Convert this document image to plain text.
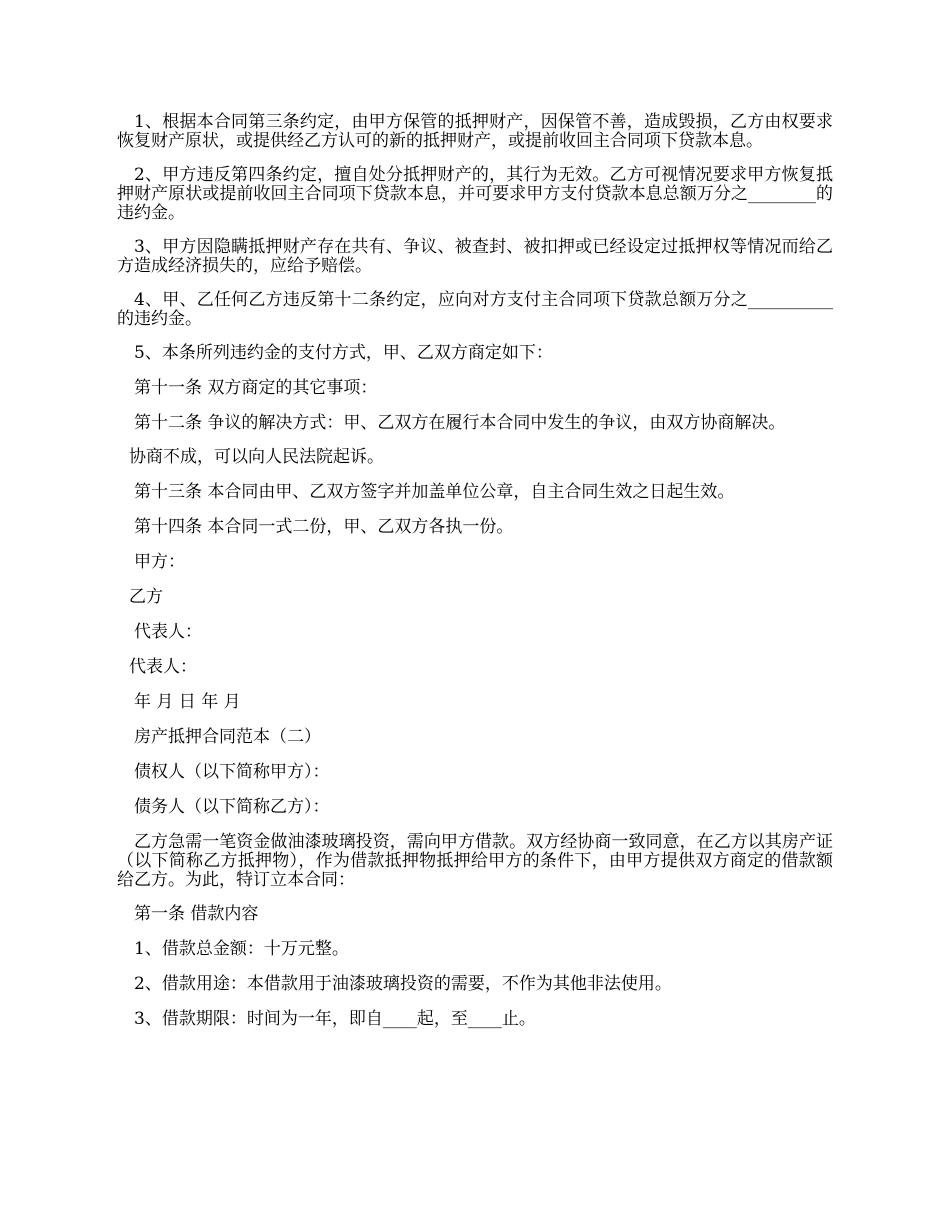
1、根据本合同第三条约定，由甲方保管的抵押财产，因保管不善，造成毁损，乙方由权要求恢复财产原状，或提供经乙方认可的新的抵押财产，或提前收回主合同项下贷款本息。

2、甲方违反第四条约定，擅自处分抵押财产的，其行为无效。乙方可视情况要求甲方恢复抵押财产原状或提前收回主合同项下贷款本息，并可要求甲方支付贷款本息总额万分之________的违约金。

3、甲方因隐瞒抵押财产存在共有、争议、被查封、被扣押或已经设定过抵押权等情况而给乙方造成经济损失的，应给予赔偿。

4、甲、乙任何乙方违反第十二条约定，应向对方支付主合同项下贷款总额万分之__________的违约金。

5、本条所列违约金的支付方式，甲、乙双方商定如下：

第十一条 双方商定的其它事项：

第十二条 争议的解决方式：甲、乙双方在履行本合同中发生的争议，由双方协商解决。

协商不成，可以向人民法院起诉。

第十三条 本合同由甲、乙双方签字并加盖单位公章，自主合同生效之日起生效。

第十四条 本合同一式二份，甲、乙双方各执一份。

甲方：

乙方

代表人：

代表人：

年 月 日 年 月

房产抵押合同范本（二）

债权人（以下简称甲方）：

债务人（以下简称乙方）：

乙方急需一笔资金做油漆玻璃投资，需向甲方借款。双方经协商一致同意，在乙方以其房产证（以下简称乙方抵押物），作为借款抵押物抵押给甲方的条件下，由甲方提供双方商定的借款额给乙方。为此，特订立本合同：

第一条 借款内容

1、借款总金额：十万元整。

2、借款用途：本借款用于油漆玻璃投资的需要，不作为其他非法使用。

3、借款期限：时间为一年，即自____起，至____止。
